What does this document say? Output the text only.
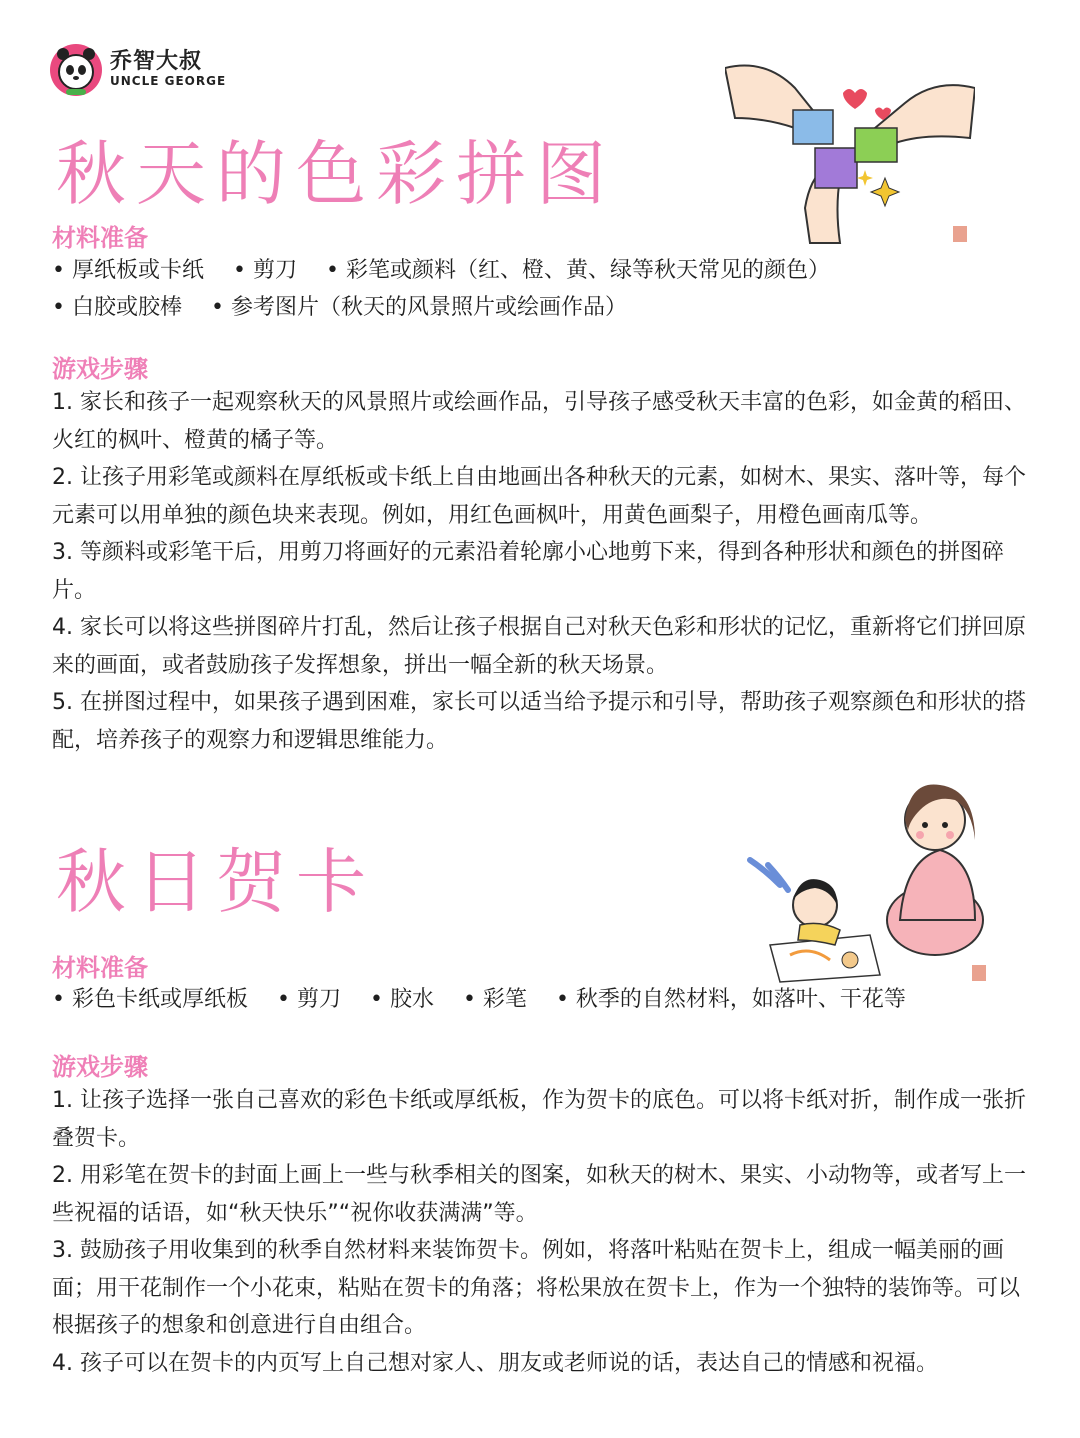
乔智大叔
UNCLE GEORGE
秋天的色彩拼图
材料准备
• 厚纸板或卡纸 • 剪刀 • 彩笔或颜料（红、橙、黄、绿等秋天常见的颜色）
• 白胶或胶棒 • 参考图片（秋天的风景照片或绘画作品）
游戏步骤

1. 家长和孩子一起观察秋天的风景照片或绘画作品，引导孩子感受秋天丰富的色彩，如金黄的稻田、火红的枫叶、橙黄的橘子等。

2. 让孩子用彩笔或颜料在厚纸板或卡纸上自由地画出各种秋天的元素，如树木、果实、落叶等，每个元素可以用单独的颜色块来表现。例如，用红色画枫叶，用黄色画梨子，用橙色画南瓜等。

3. 等颜料或彩笔干后，用剪刀将画好的元素沿着轮廓小心地剪下来，得到各种形状和颜色的拼图碎片。

4. 家长可以将这些拼图碎片打乱，然后让孩子根据自己对秋天色彩和形状的记忆，重新将它们拼回原来的画面，或者鼓励孩子发挥想象，拼出一幅全新的秋天场景。

5. 在拼图过程中，如果孩子遇到困难，家长可以适当给予提示和引导，帮助孩子观察颜色和形状的搭配，培养孩子的观察力和逻辑思维能力。

秋日贺卡
材料准备
• 彩色卡纸或厚纸板 • 剪刀 • 胶水 • 彩笔 • 秋季的自然材料，如落叶、干花等
游戏步骤

1. 让孩子选择一张自己喜欢的彩色卡纸或厚纸板，作为贺卡的底色。可以将卡纸对折，制作成一张折叠贺卡。

2. 用彩笔在贺卡的封面上画上一些与秋季相关的图案，如秋天的树木、果实、小动物等，或者写上一些祝福的话语，如“秋天快乐”“祝你收获满满”等。

3. 鼓励孩子用收集到的秋季自然材料来装饰贺卡。例如，将落叶粘贴在贺卡上，组成一幅美丽的画面；用干花制作一个小花束，粘贴在贺卡的角落；将松果放在贺卡上，作为一个独特的装饰等。可以根据孩子的想象和创意进行自由组合。

4. 孩子可以在贺卡的内页写上自己想对家人、朋友或老师说的话，表达自己的情感和祝福。
